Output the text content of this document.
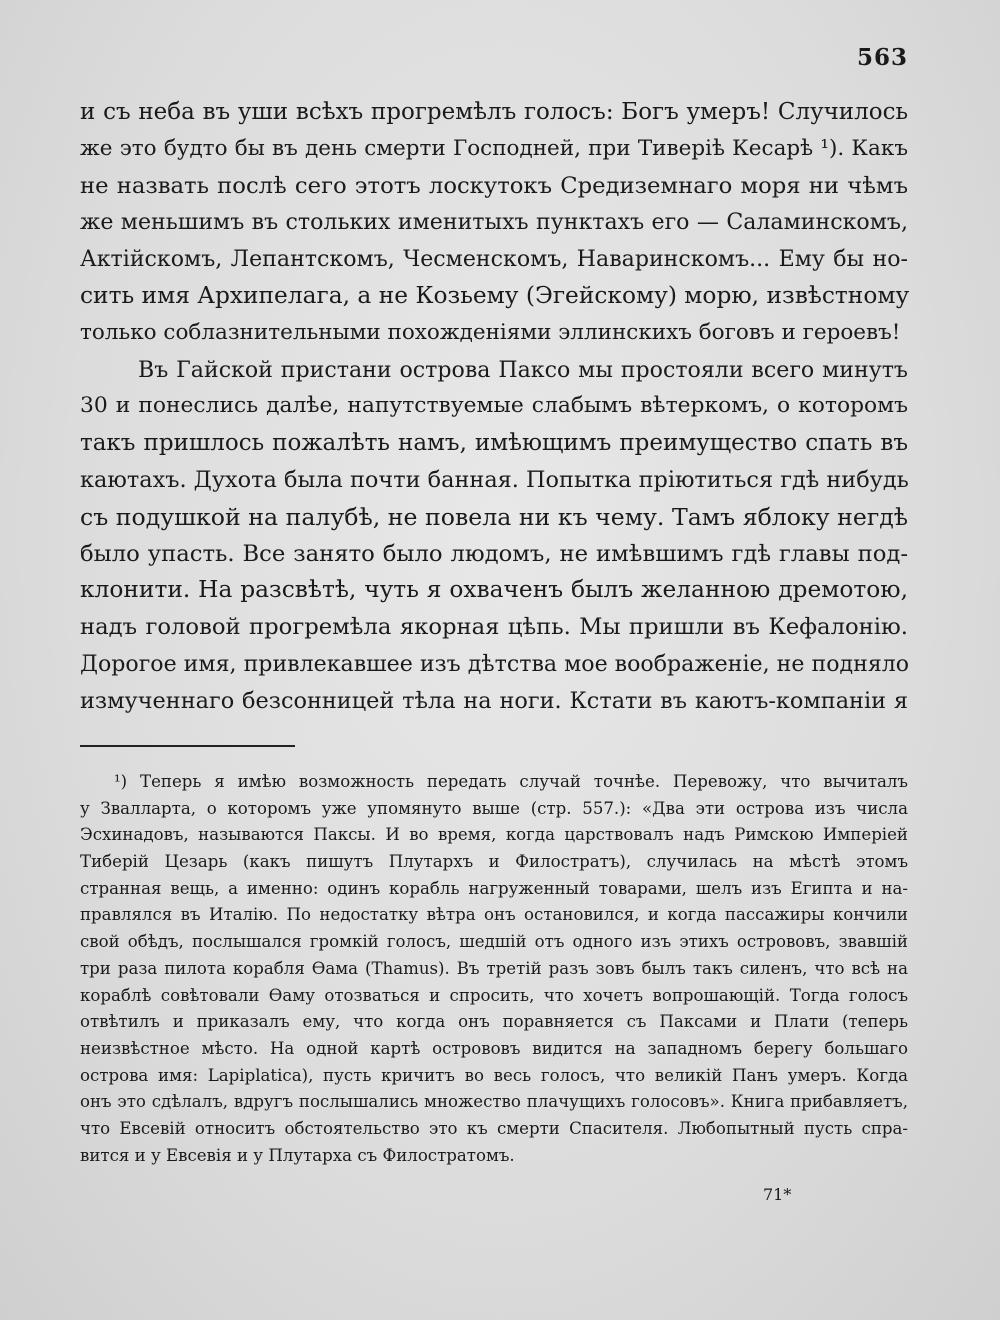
563
и съ неба въ уши всѣхъ прогремѣлъ голосъ: Богъ умеръ! Случилось
же это будто бы въ день смерти Господней, при Тиверіѣ Кесарѣ ¹). Какъ
не назвать послѣ сего этотъ лоскутокъ Средиземнаго моря ни чѣмъ
же меньшимъ въ стольких именитыхъ пунктахъ его — Саламинскомъ,
Актійскомъ, Лепантскомъ, Чесменскомъ, Наваринскомъ... Ему бы но-
сить имя Архипелага, а не Козьему (Эгейскому) морю, извѣстному
только соблазнительными похожденіями эллинскихъ боговъ и героевъ!
Въ Гайской пристани острова Паксо мы простояли всего минутъ
30 и понеслись далѣе, напутствуемые слабымъ вѣтеркомъ, о которомъ
такъ пришлось пожалѣть намъ, имѣющимъ преимущество спать въ
каютахъ. Духота была почти банная. Попытка пріютиться гдѣ нибудь
съ подушкой на палубѣ, не повела ни къ чему. Тамъ яблоку негдѣ
было упасть. Все занято было людомъ, не имѣвшимъ гдѣ главы под-
клонити. На разсвѣтѣ, чуть я охваченъ былъ желанною дремотою,
надъ головой прогремѣла якорная цѣпь. Мы пришли въ Кефалонію.
Дорогое имя, привлекавшее изъ дѣтства мое воображеніе, не подняло
измученнаго безсонницей тѣла на ноги. Кстати въ каютъ-компаніи я
¹) Теперь я имѣю возможность передать случай точнѣе. Перевожу, что вычиталъ
у Звалларта, о которомъ уже упомянуто выше (стр. 557.): «Два эти острова изъ числа
Эсхинадовъ, называются Паксы. И во время, когда царствовалъ надъ Римскою Имперіей
Тиберій Цезарь (какъ пишутъ Плутархъ и Филостратъ), случилась на мѣстѣ этомъ
странная вещь, а именно: одинъ корабль нагруженный товарами, шелъ изъ Египта и на-
правлялся въ Италію. По недостатку вѣтра онъ остановился, и когда пассажиры кончили
свой обѣдъ, послышался громкій голосъ, шедшій отъ одного изъ этихъ острововъ, звавшій
три раза пилота корабля Ѳама (Thamus). Въ третій разъ зовъ былъ такъ силенъ, что всѣ на
кораблѣ совѣтовали Ѳаму отозваться и спросить, что хочетъ вопрошающій. Тогда голосъ
отвѣтилъ и приказалъ ему, что когда онъ поравняется съ Паксами и Плати (теперь
неизвѣстное мѣсто. На одной картѣ острововъ видится на западномъ берегу большаго
острова имя: Lapiplatica), пусть кричитъ во весь голосъ, что великій Панъ умеръ. Когда
онъ это сдѣлалъ, вдругъ послышались множество плачущихъ голосовъ». Книга прибавляетъ,
что Евсевій относитъ обстоятельство это къ смерти Спасителя. Любопытный пусть спра-
вится и у Евсевія и у Плутарха съ Филостратомъ.
71*
